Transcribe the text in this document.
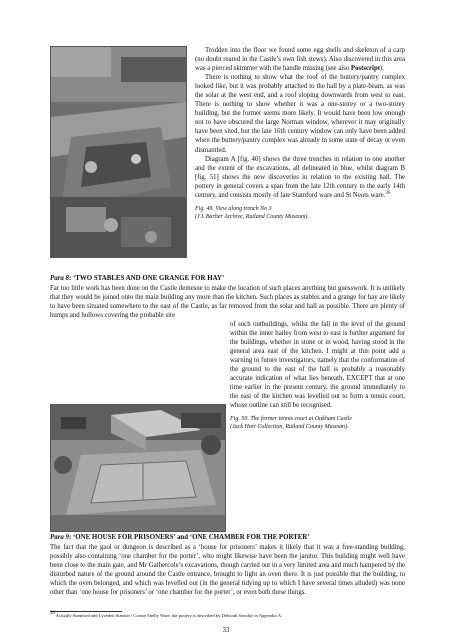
Trodden into the floor we found some egg shells and skeleton of a carp (no doubt reared in the Castle’s own fish stews). Also discovered in this area was a pierced skimmer with the handle missing (see also Postscript).

There is nothing to show what the roof of the buttery/pantry complex looked like, but it was probably attached to the hall by a plate-beam, as was the solar at the west end, and a roof sloping downwards from west to east. There is nothing to show whether it was a one-storey or a two-storey building, but the former seems more likely. It would have been low enough not to have obscured the large Norman window, wherever it may originally have been sited, but the late 16th century window can only have been added when the buttery/pantry complex was already in some state of decay or even dismantled.

Diagram A [fig. 40] shows the three trenches in relation to one another and the extent of the excavations, all delineated in blue, whilst diagram B [fig. 51] shows the new discoveries in relation to the existing hall. The pottery in general covers a span from the late 12th century to the early 14th century, and consists mostly of late Stamford ware and St Neots ware.$^{36}$

Fig. 49. View along trench No 3
(J L Barber Archive, Rutland County Museum).
Para 8: ‘TWO STABLES AND ONE GRANGE FOR HAY’

Far too little work has been done on the Castle demesne to make the location of such places anything but guesswork. It is unlikely that they would be joined onto the main building any more than the kitchen. Such places as stables and a grange for hay are likely to have been situated somewhere to the east of the Castle, as far removed from the solar and hall as possible. There are plenty of humps and hollows covering the probable site

of such outbuildings, whilst the fall in the level of the ground within the inner bailey from west to east is further argument for the buildings, whether in stone or in wood, having stood in the general area east of the kitchen. I might at this point add a warning to future investigators, namely that the conformation of the ground to the east of the hall is probably a reasonably accurate indication of what lies beneath, EXCEPT that at one time earlier in the present century, the ground immediately to the east of the kitchen was levelled out to form a tennis court, whose outline can still be recognised.

Fig. 50. The former tennis court at Oakham Castle
(Jack Hart Collection, Rutland County Museum).
Para 9: ‘ONE HOUSE FOR PRISONERS’ and ‘ONE CHAMBER FOR THE PORTER’

The fact that the gaol or dungeon is described as a ‘house for prisoners’ makes it likely that it was a free-standing building, possibly also containing ‘one chamber for the porter’, who might likewise have been the janitor. This building might well have been close to the main gate, and Mr Gathercole’s excavations, though carried out in a very limited area and much hampered by the disturbed nature of the ground around the Castle entrance, brought to light an oven there. It is just possible that the building, to which the oven belonged, and which was levelled out (in the general tidying up to which I have several times alluded) was none other than ‘one house for prisoners’ or ‘one chamber for the porter’, or even both these things.

$^{36}$ Actually Stamford and Lyveden Stanion / Coarse Shelly Ware: the pottery is described by Deborah Sawday in Appendix A.
33
